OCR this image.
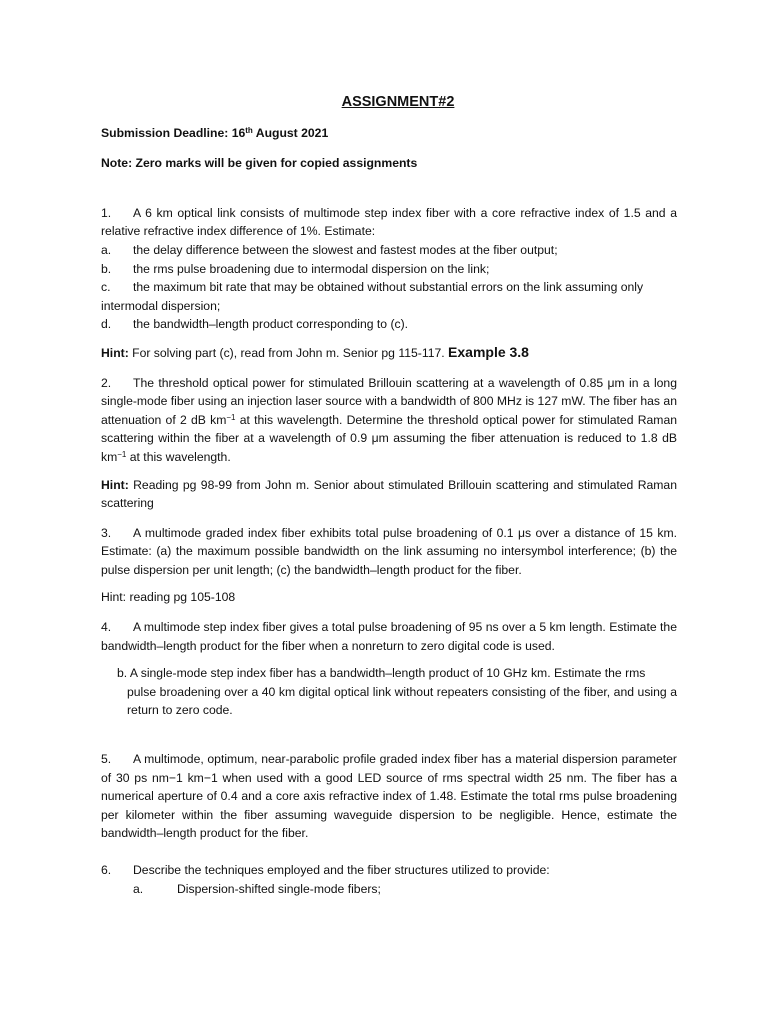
ASSIGNMENT#2

Submission Deadline: 16th August 2021

Note: Zero marks will be given for copied assignments

1. A 6 km optical link consists of multimode step index fiber with a core refractive index of 1.5 and a relative refractive index difference of 1%. Estimate:

a.	the delay difference between the slowest and fastest modes at the fiber output;
b.	the rms pulse broadening due to intermodal dispersion on the link;
c.	the maximum bit rate that may be obtained without substantial errors on the link assuming only

intermodal dispersion;

d.	the bandwidth–length product corresponding to (c).

Hint: For solving part (c), read from John m. Senior pg 115-117. Example 3.8

2. The threshold optical power for stimulated Brillouin scattering at a wavelength of 0.85 μm in a long single-mode fiber using an injection laser source with a bandwidth of 800 MHz is 127 mW. The fiber has an attenuation of 2 dB $km^{-1}$ at this wavelength. Determine the threshold optical power for stimulated Raman scattering within the fiber at a wavelength of 0.9 μm assuming the fiber attenuation is reduced to 1.8 dB $km^{-1}$ at this wavelength.

Hint: Reading pg 98-99 from John m. Senior about stimulated Brillouin scattering and stimulated Raman scattering

3. A multimode graded index fiber exhibits total pulse broadening of 0.1 μs over a distance of 15 km. Estimate: (a) the maximum possible bandwidth on the link assuming no intersymbol interference; (b) the pulse dispersion per unit length; (c) the bandwidth–length product for the fiber.

Hint: reading pg 105-108

4. A multimode step index fiber gives a total pulse broadening of 95 ns over a 5 km length. Estimate the bandwidth–length product for the fiber when a nonreturn to zero digital code is used.

b. A single-mode step index fiber has a bandwidth–length product of 10 GHz km. Estimate the rms
pulse broadening over a 40 km digital optical link without repeaters consisting of the fiber, and using a return to zero code.

5. A multimode, optimum, near-parabolic profile graded index fiber has a material dispersion parameter of 30 ps nm−1 km−1 when used with a good LED source of rms spectral width 25 nm. The fiber has a numerical aperture of 0.4 and a core axis refractive index of 1.48. Estimate the total rms pulse broadening per kilometer within the fiber assuming waveguide dispersion to be negligible. Hence, estimate the bandwidth–length product for the fiber.

6. Describe the techniques employed and the fiber structures utilized to provide:

a.	Dispersion-shifted single-mode fibers;
